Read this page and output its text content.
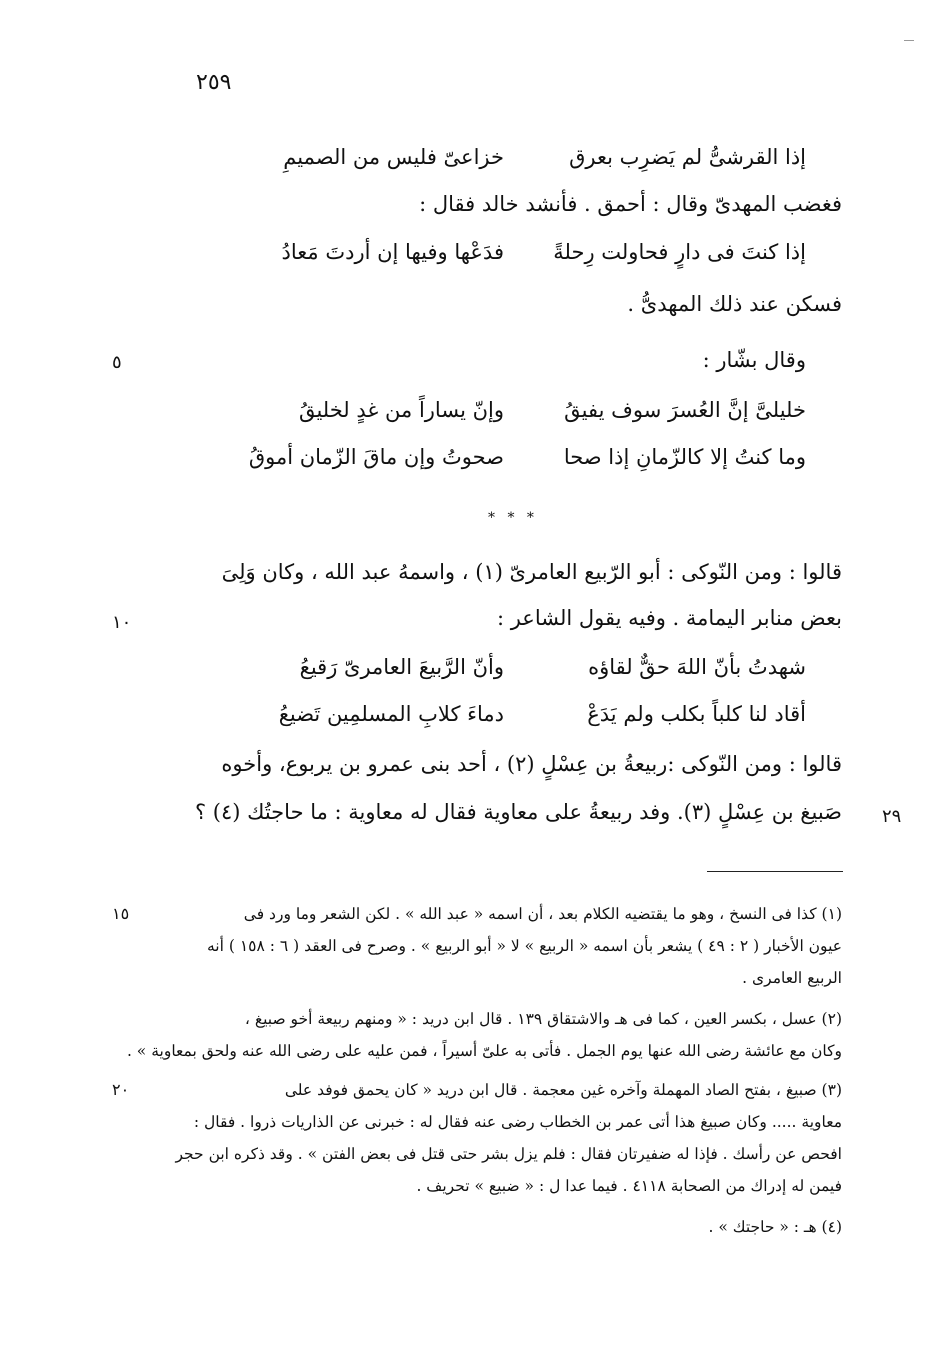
٢٥٩
إذا القرشىُّ لم يَضرِب بعرق
خزاعىّ فليس من الصميمِ
فغضب المهدىّ وقال : أحمق . فأنشد خالد فقال :
إذا كنتَ فى دارٍ فحاولت رِحلةً
فدَعْها وفيها إن أردتَ مَعادُ
فسكن عند ذلك المهدىُّ .
٥	وقال بشّار :
خليلىَّ إنَّ العُسرَ سوف يفيقُ
وإنّ يساراً من غدٍ لخليقُ
وما كنتُ إلا كالزّمانِ إذا صحا
صحوتُ وإن ماقَ الزّمان أموقُ
* * *
قالوا : ومن النّوكى : أبو الرّبيع العامرىّ (١) ، واسمهُ عبد الله ، وكان وَلِىَ
١٠	بعض منابر اليمامة . وفيه يقول الشاعر :
شهدتُ بأنّ اللهَ حقٌّ لقاؤه
وأنّ الرَّبيعَ العامرىّ رَقيعُ
أقاد لنا كلباً بكلب ولم يَدَعْ
دماءَ كلابِ المسلمِين تَضيعُ
قالوا : ومن النّوكى :ربيعةُ بن عِسْلٍ (٢) ، أحد بنى عمرو بن يربوع، وأخوه
صَبيغ بن عِسْلٍ (٣). وفد ربيعةُ على معاوية فقال له معاوية : ما حاجتُك (٤) ؟ ٢٩
١٥	(١) كذا فى النسخ ، وهو ما يقتضيه الكلام بعد ، أن اسمه « عبد الله » . لكن الشعر وما ورد فى
عيون الأخبار ( ٢ : ٤٩ ) يشعر بأن اسمه « الربيع » لا « أبو الربيع » . وصرح فى العقد ( ٦ : ١٥٨ ) أنه
الربيع العامرى .
(٢) عسل ، بكسر العين ، كما فى هـ والاشتقاق ١٣٩ . قال ابن دريد : « ومنهم ربيعة أخو صبيغ ،
وكان مع عائشة رضى الله عنها يوم الجمل . فأتى به علىّ أسيراً ، فمن عليه على رضى الله عنه ولحق بمعاوية » .
٢٠	(٣) صبيغ ، بفتح الصاد المهملة وآخره غين معجمة . قال ابن دريد « كان يحمق فوفد على
معاوية ..... وكان صبيغ هذا أتى عمر بن الخطاب رضى عنه فقال له : خبرنى عن الذاريات ذروا . فقال :
افحص عن رأسك . فإذا له ضفيرتان فقال : فلم يزل بشر حتى قتل فى بعض الفتن » . وقد ذكره ابن حجر
فيمن له إدراك من الصحابة ٤١١٨ . فيما عدا ل : « ضبيع » تحريف .
(٤) هـ : « حاجتك » .
